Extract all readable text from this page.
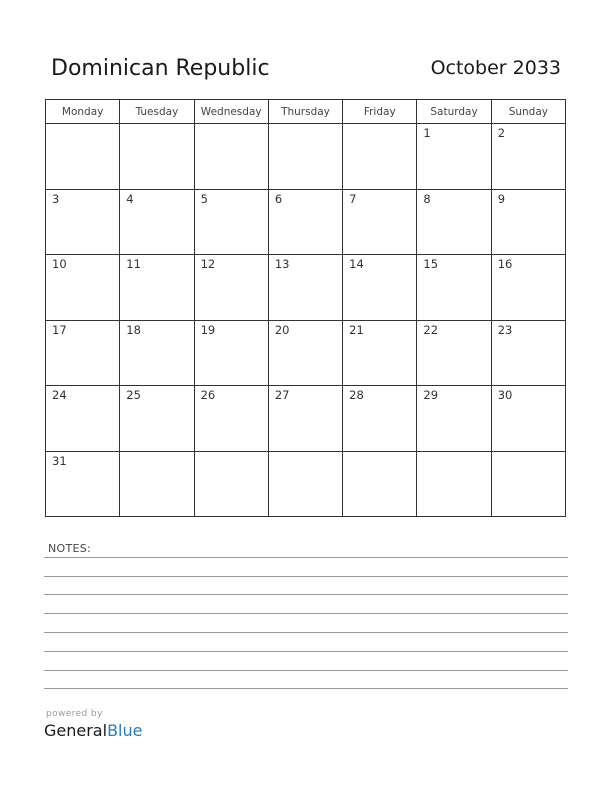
Dominican Republic	October 2033
Monday	Tuesday	Wednesday	Thursday	Friday	Saturday	Sunday

					1	2

3	4	5	6	7	8	9

10	11	12	13	14	15	16

17	18	19	20	21	22	23

24	25	26	27	28	29	30

31						

NOTES:
powered by
GeneralBlue
